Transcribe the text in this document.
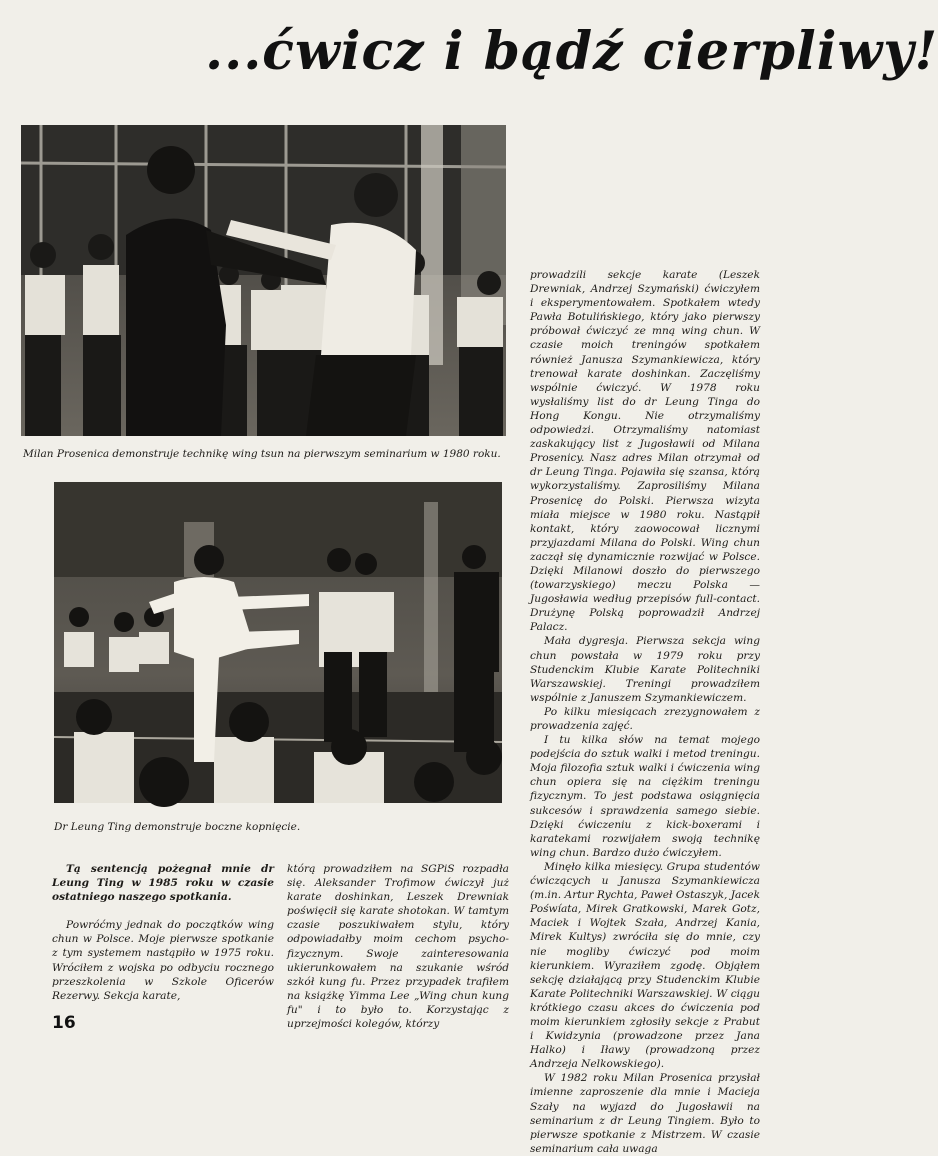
...ćwicz i bądź cierpliwy!
Milan Prosenica demonstruje technikę wing tsun na pierwszym seminarium w 1980 roku.
Dr Leung Ting demonstruje boczne kopnięcie.

prowadzili sekcje karate (Leszek Drewniak, Andrzej Szymański) ćwiczyłem i eksperymentowałem. Spotkałem wtedy Pawła Botulińskiego, który jako pierwszy próbował ćwiczyć ze mną wing chun. W czasie moich treningów spotkałem również Janusza Szymankiewicza, który trenował karate doshinkan. Zaczęliśmy wspólnie ćwiczyć. W 1978 roku wysłaliśmy list do dr Leung Tinga do Hong Kongu. Nie otrzymaliśmy odpowiedzi. Otrzymaliśmy natomiast zaskakujący list z Jugosławii od Milana Prosenicy. Nasz adres Milan otrzymał od dr Leung Tinga. Pojawiła się szansa, którą wykorzystaliśmy. Zaprosiliśmy Milana Prosenicę do Polski. Pierwsza wizyta miała miejsce w 1980 roku. Nastąpił kontakt, który zaowocował licznymi przyjazdami Milana do Polski. Wing chun zaczął się dynamicznie rozwijać w Polsce. Dzięki Milanowi doszło do pierwszego (towarzyskiego) meczu Polska — Jugosławia według przepisów full-contact. Drużynę Polską poprowadził Andrzej Palacz.

Mała dygresja. Pierwsza sekcja wing chun powstała w 1979 roku przy Studenckim Klubie Karate Politechniki Warszawskiej. Treningi prowadziłem wspólnie z Januszem Szymankiewiczem.

Po kilku miesiącach zrezygnowałem z prowadzenia zajęć.

I tu kilka słów na temat mojego podejścia do sztuk walki i metod treningu. Moja filozofia sztuk walki i ćwiczenia wing chun opiera się na ciężkim treningu fizycznym. To jest podstawa osiągnięcia sukcesów i sprawdzenia samego siebie. Dzięki ćwiczeniu z kick-boxerami i karatekami rozwijałem swoją technikę wing chun. Bardzo dużo ćwiczyłem.

Minęło kilka miesięcy. Grupa studentów ćwiczących u Janusza Szymankiewicza (m.in. Artur Rychta, Paweł Ostaszyk, Jacek Pośwíata, Mirek Gratkowski, Marek Gotz, Maciek i Wojtek Szała, Andrzej Kania, Mirek Kultys) zwróciła się do mnie, czy nie mogliby ćwiczyć pod moim kierunkiem. Wyraziłem zgodę. Objąłem sekcję działającą przy Studenckim Klubie Karate Politechniki Warszawskiej. W ciągu krótkiego czasu akces do ćwiczenia pod moim kierunkiem zgłosiły sekcje z Prabut i Kwidzynia (prowadzone przez Jana Halko) i Iławy (prowadzoną przez Andrzeja Nelkowskiego).

W 1982 roku Milan Prosenica przysłał imienne zaproszenie dla mnie i Macieja Szały na wyjazd do Jugosławii na seminarium z dr Leung Tingiem. Było to pierwsze spotkanie z Mistrzem. W czasie seminarium cała uwaga

Tą sentencją pożegnał mnie dr Leung Ting w 1985 roku w czasie ostatniego naszego spotkania.

Powróćmy jednak do początków wing chun w Polsce. Moje pierwsze spotkanie z tym systemem nastąpiło w 1975 roku. Wróciłem z wojska po odbyciu rocznego przeszkolenia w Szkole Oficerów Rezerwy. Sekcja karate,

którą prowadziłem na SGPiS rozpadła się. Aleksander Trofimow ćwiczył już karate doshinkan, Leszek Drewniak poświęcił się karate shotokan. W tamtym czasie poszukiwałem stylu, który odpowiadałby moim cechom psycho-fizycznym. Swoje zainteresowania ukierunkowałem na szukanie wśród szkół kung fu. Przez przypadek trafiłem na książkę Yimma Lee „Wing chun kung fu" i to było to. Korzystając z uprzejmości kolegów, którzy

16
